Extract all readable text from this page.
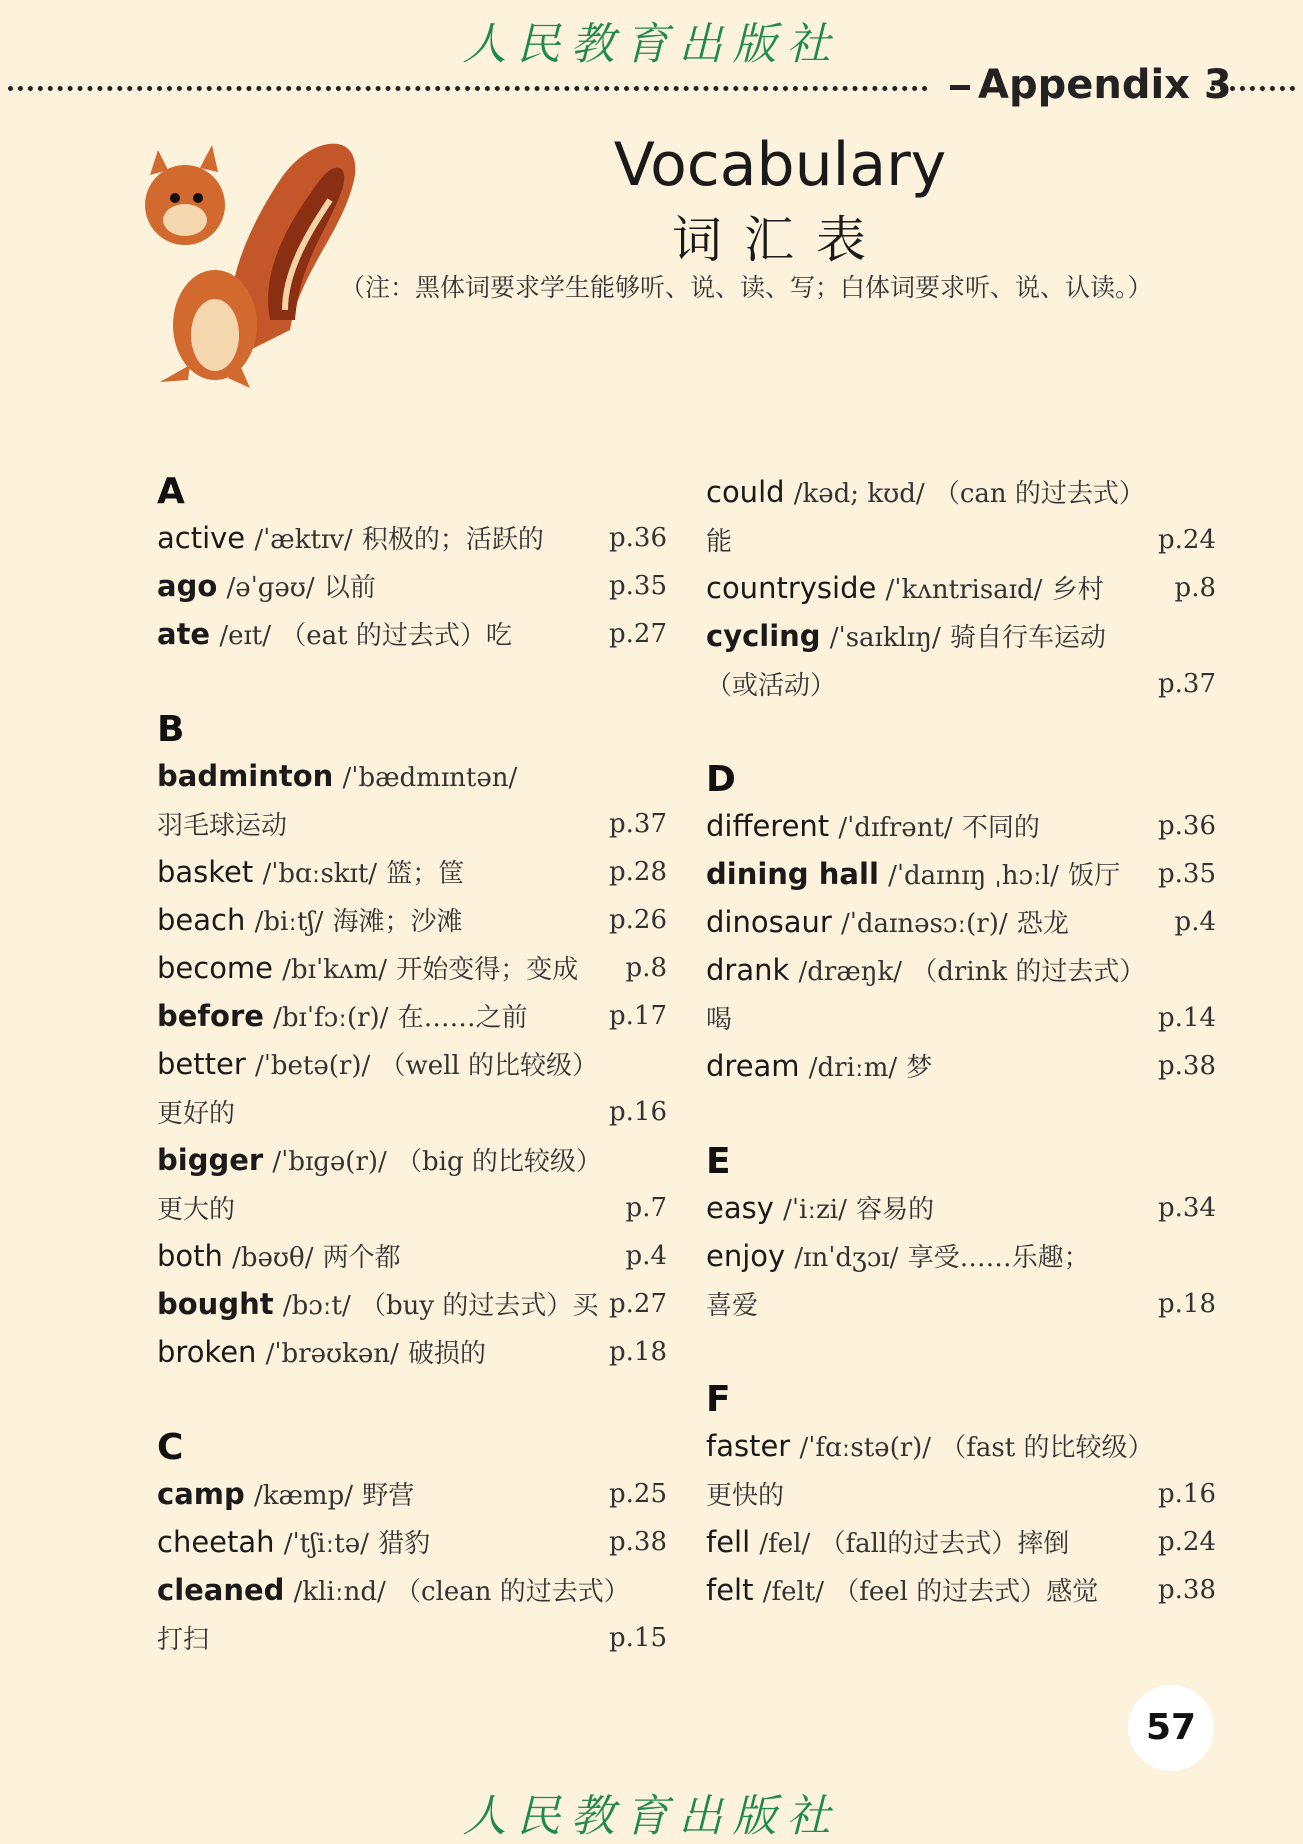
人民教育出版社
Appendix 3
Vocabulary
词汇表
（注：黑体词要求学生能够听、说、读、写；白体词要求听、说、认读。）
A
active /ˈæktɪv/ 积极的；活跃的	p.36
ago /əˈɡəʊ/ 以前	p.35
ate /eɪt/ （eat 的过去式）吃	p.27
B
badminton /ˈbædmɪntən/
羽毛球运动	p.37
basket /ˈbɑːskɪt/ 篮；筐	p.28
beach /biːtʃ/ 海滩；沙滩	p.26
become /bɪˈkʌm/ 开始变得；变成 p.8
before /bɪˈfɔː(r)/ 在……之前	p.17
better /ˈbetə(r)/ （well 的比较级）
更好的	p.16
bigger /ˈbɪɡə(r)/ （big 的比较级）
更大的	p.7
both /bəʊθ/ 两个都	p.4
bought /bɔːt/ （buy 的过去式）买 p.27
broken /ˈbrəʊkən/ 破损的	p.18
C
camp /kæmp/ 野营	p.25
cheetah /ˈtʃiːtə/ 猎豹	p.38
cleaned /kliːnd/ （clean 的过去式）
打扫	p.15
could /kəd; kʊd/ （can 的过去式）
能	p.24
countryside /ˈkʌntrisaɪd/ 乡村	p.8
cycling /ˈsaɪklɪŋ/ 骑自行车运动
（或活动）	p.37
D
different /ˈdɪfrənt/ 不同的	p.36
dining hall /ˈdaɪnɪŋ ˌhɔːl/ 饭厅 p.35
dinosaur /ˈdaɪnəsɔː(r)/ 恐龙	p.4
drank /dræŋk/ （drink 的过去式）
喝	p.14
dream /driːm/ 梦	p.38
E
easy /ˈiːzi/ 容易的	p.34
enjoy /ɪnˈdʒɔɪ/ 享受……乐趣；
喜爱	p.18
F
faster /ˈfɑːstə(r)/ （fast 的比较级）
更快的	p.16
fell /fel/ （fall的过去式）摔倒	p.24
felt /felt/ （feel 的过去式）感觉 p.38
57
人民教育出版社
